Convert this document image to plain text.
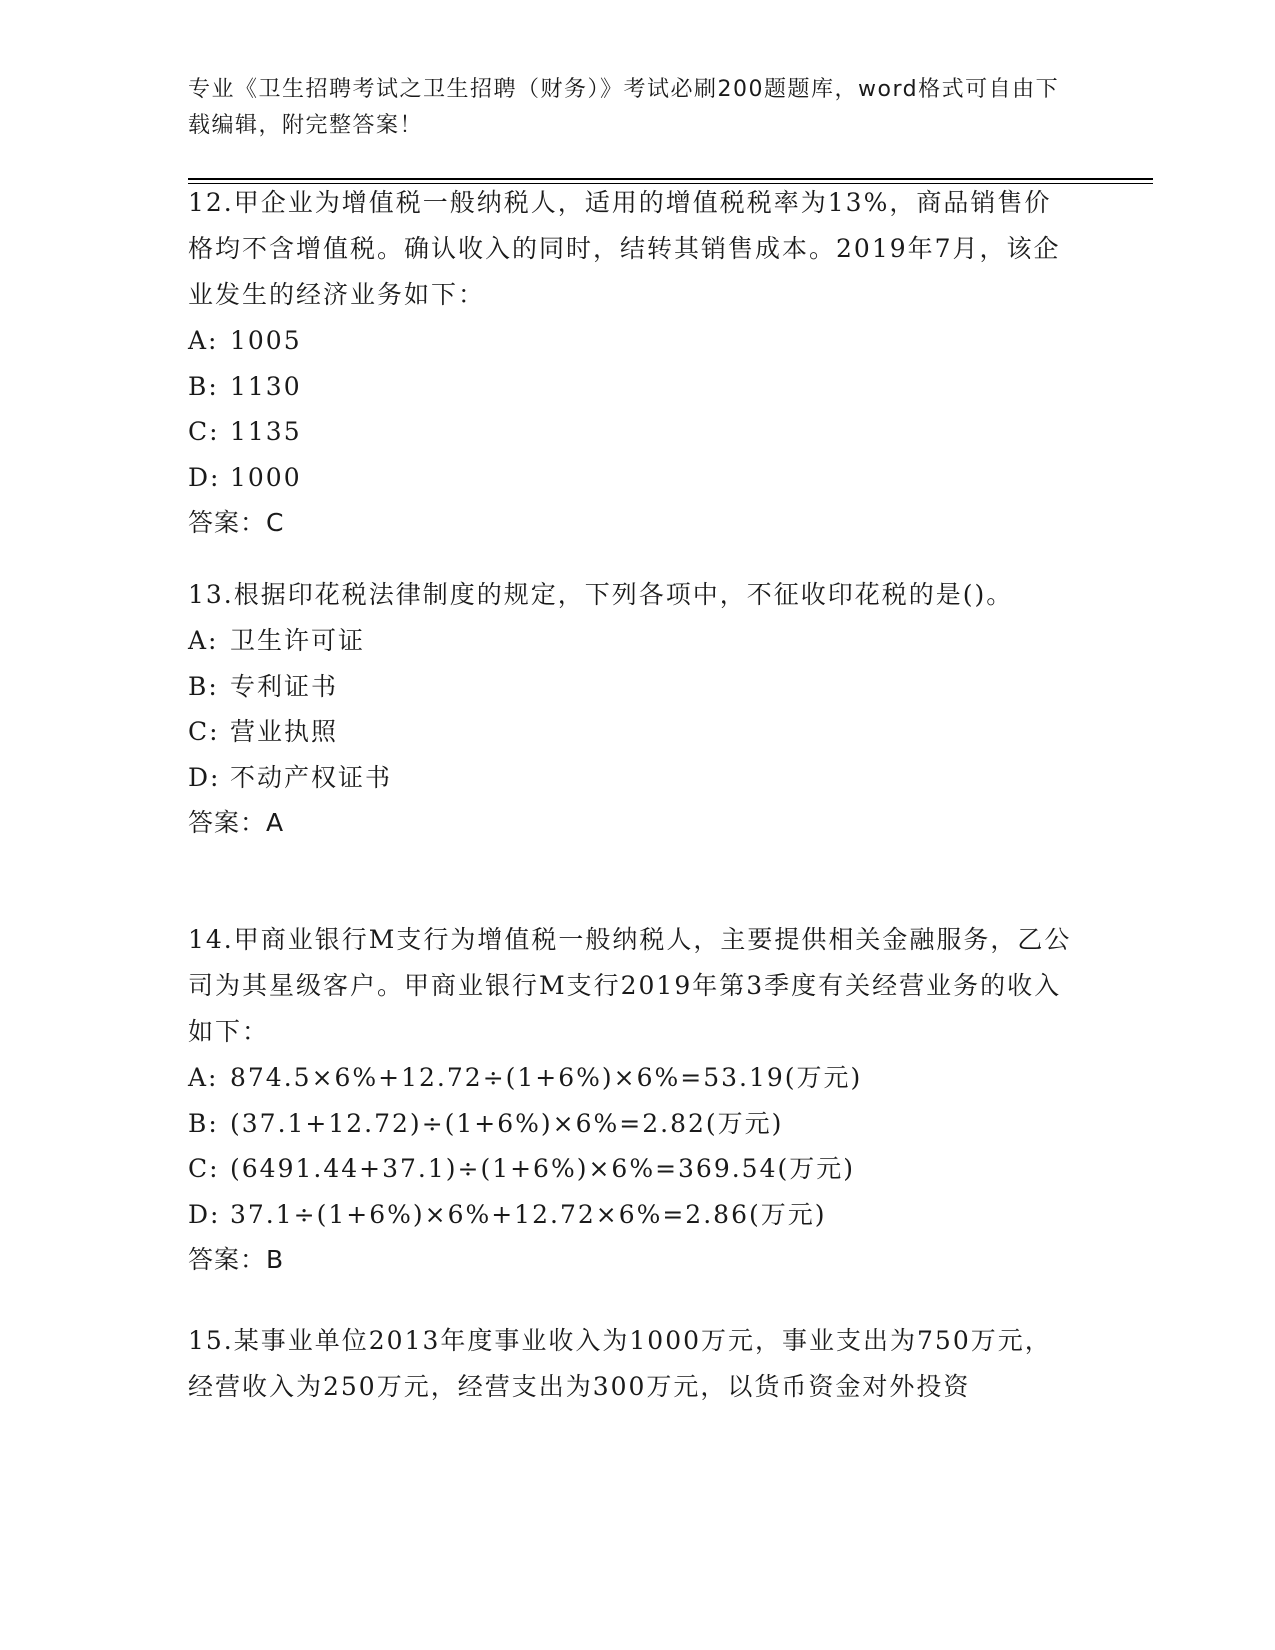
专业《卫生招聘考试之卫生招聘（财务）》考试必刷200题题库，word格式可自由下载编辑，附完整答案！

12.甲企业为增值税一般纳税人，适用的增值税税率为13%，商品销售价格均不含增值税。确认收入的同时，结转其销售成本。2019年7月，该企业发生的经济业务如下：

A: 1005

B: 1130

C: 1135

D: 1000

答案：C

13.根据印花税法律制度的规定，下列各项中，不征收印花税的是()。

A: 卫生许可证

B: 专利证书

C: 营业执照

D: 不动产权证书

答案：A

14.甲商业银行M支行为增值税一般纳税人，主要提供相关金融服务，乙公司为其星级客户。甲商业银行M支行2019年第3季度有关经营业务的收入如下：

A: 874.5×6%+12.72÷(1+6%)×6%=53.19(万元)

B: (37.1+12.72)÷(1+6%)×6%=2.82(万元)

C: (6491.44+37.1)÷(1+6%)×6%=369.54(万元)

D: 37.1÷(1+6%)×6%+12.72×6%=2.86(万元)

答案：B

15.某事业单位2013年度事业收入为1000万元，事业支出为750万元，经营收入为250万元，经营支出为300万元，以货币资金对外投资
